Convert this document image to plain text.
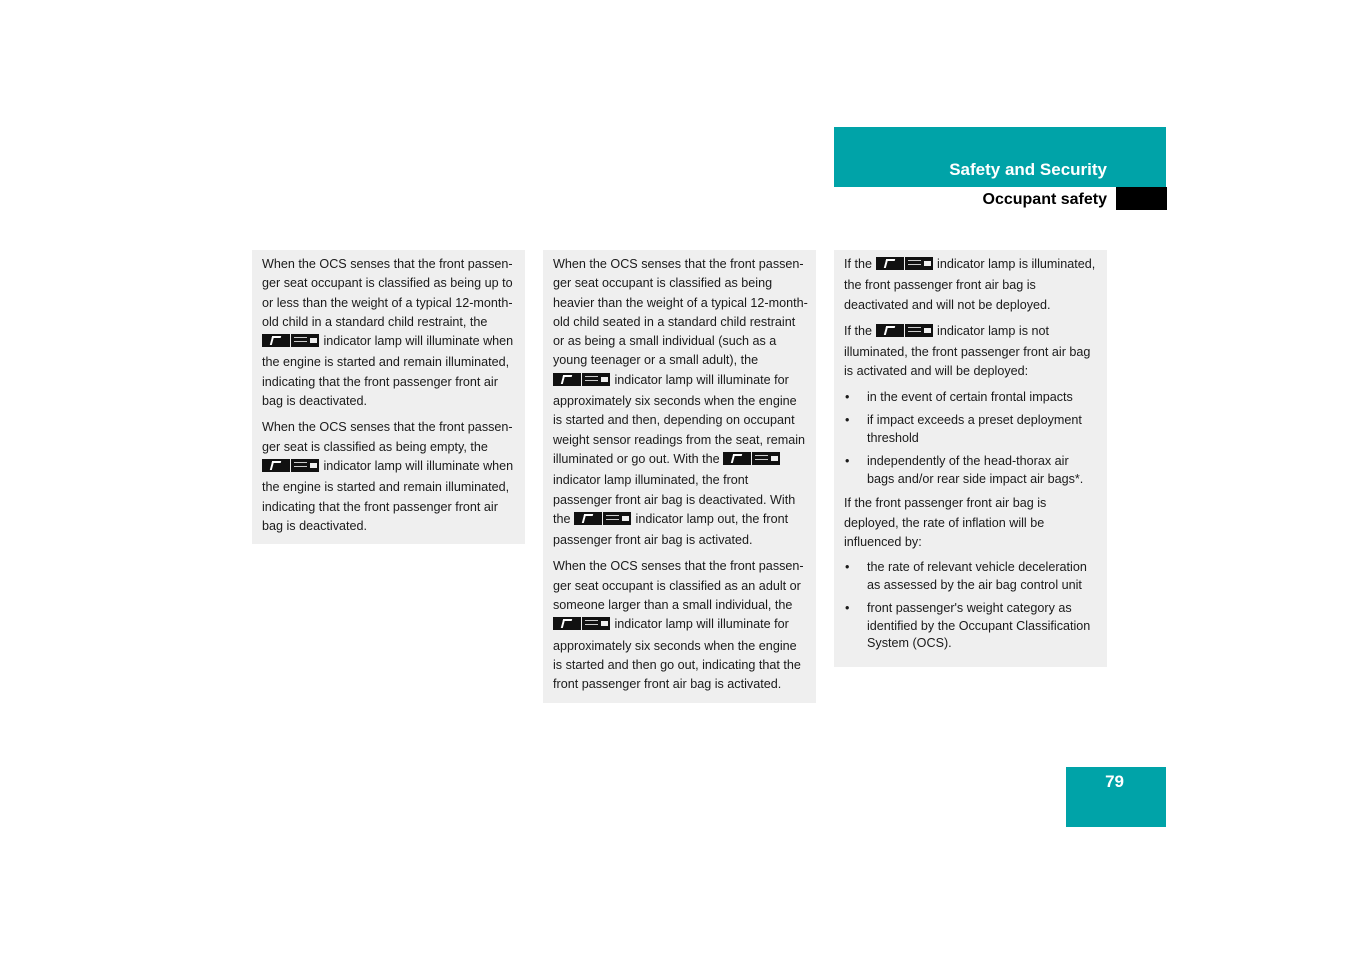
Safety and Security
Occupant safety

When the OCS senses that the front passenger seat occupant is classified as being up to or less than the weight of a typical 12-month-old child in a standard child restraint, the  indicator lamp will illuminate when the engine is started and remain illuminated, indicating that the front passenger front air bag is deactivated.

When the OCS senses that the front passenger seat is classified as being empty, the  indicator lamp will illuminate when the engine is started and remain illuminated, indicating that the front passenger front air bag is deactivated.

When the OCS senses that the front passenger seat occupant is classified as being heavier than the weight of a typical 12-month-old child seated in a standard child restraint or as being a small individual (such as a young teenager or a small adult), the  indicator lamp will illuminate for approximately six seconds when the engine is started and then, depending on occupant weight sensor readings from the seat, remain illuminated or go out. With the  indicator lamp illuminated, the front passenger front air bag is deactivated. With the	indicator lamp out, the front passenger front air bag is activated.

When the OCS senses that the front passenger seat occupant is classified as an adult or someone larger than a small individual, the  indicator lamp will illuminate for approximately six seconds when the engine is started and then go out, indicating that the front passenger front air bag is activated.

If the	indicator lamp is illuminated, the front passenger front air bag is deactivated and will not be deployed.

If the	indicator lamp is not illuminated, the front passenger front air bag is activated and will be deployed:

• in the event of certain frontal impacts
• if impact exceeds a preset deployment threshold
• independently of the head-thorax air bags and/or rear side impact air bags*.

If the front passenger front air bag is deployed, the rate of inflation will be influenced by:

• the rate of relevant vehicle deceleration as assessed by the air bag control unit
• front passenger's weight category as identified by the Occupant Classification System (OCS).
79
